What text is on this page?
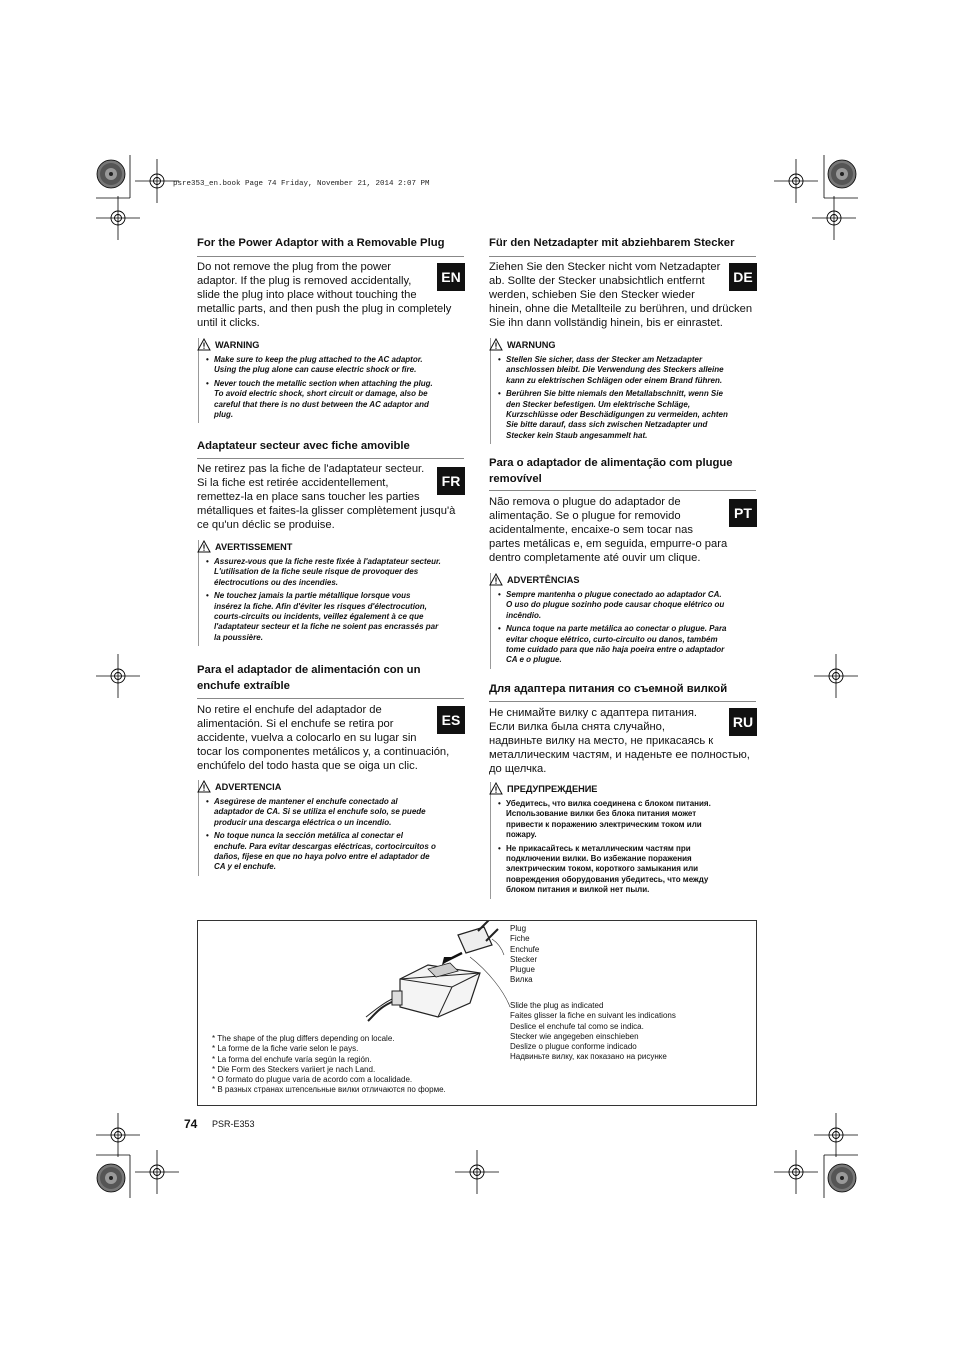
psre353_en.book Page 74 Friday, November 21, 2014 2:07 PM
For the Power Adaptor with a Removable Plug
Do not remove the plug from the power
adaptor. If the plug is removed accidentally,
slide the plug into place without touching the
metallic parts, and then push the plug in completely
until it clicks.
EN
WARNING
• Make sure to keep the plug attached to the AC adaptor.
Using the plug alone can cause electric shock or fire.
• Never touch the metallic section when attaching the plug.
To avoid electric shock, short circuit or damage, also be
careful that there is no dust between the AC adaptor and
plug.
Adaptateur secteur avec fiche amovible
Ne retirez pas la fiche de l'adaptateur secteur.
Si la fiche est retirée accidentellement,
remettez-la en place sans toucher les parties
métalliques et faites-la glisser complètement jusqu'à
ce qu'un déclic se produise.
FR
AVERTISSEMENT
• Assurez-vous que la fiche reste fixée à l'adaptateur secteur.
L'utilisation de la fiche seule risque de provoquer des
électrocutions ou des incendies.
• Ne touchez jamais la partie métallique lorsque vous
insérez la fiche. Afin d'éviter les risques d'électrocution,
courts-circuits ou incidents, veillez également à ce que
l'adaptateur secteur et la fiche ne soient pas encrassés par
la poussière.
Para el adaptador de alimentación con un
enchufe extraíble
No retire el enchufe del adaptador de
alimentación. Si el enchufe se retira por
accidente, vuelva a colocarlo en su lugar sin
tocar los componentes metálicos y, a continuación,
enchúfelo del todo hasta que se oiga un clic.
ES
ADVERTENCIA
• Asegúrese de mantener el enchufe conectado al
adaptador de CA. Si se utiliza el enchufe solo, se puede
producir una descarga eléctrica o un incendio.
• No toque nunca la sección metálica al conectar el
enchufe. Para evitar descargas eléctricas, cortocircuitos o
daños, fíjese en que no haya polvo entre el adaptador de
CA y el enchufe.
Für den Netzadapter mit abziehbarem Stecker
Ziehen Sie den Stecker nicht vom Netzadapter
ab. Sollte der Stecker unabsichtlich entfernt
werden, schieben Sie den Stecker wieder
hinein, ohne die Metallteile zu berühren, und drücken
Sie ihn dann vollständig hinein, bis er einrastet.
DE
WARNUNG
• Stellen Sie sicher, dass der Stecker am Netzadapter
anschlossen bleibt. Die Verwendung des Steckers alleine
kann zu elektrischen Schlägen oder einem Brand führen.
• Berühren Sie bitte niemals den Metallabschnitt, wenn Sie
den Stecker befestigen. Um elektrische Schläge,
Kurzschlüsse oder Beschädigungen zu vermeiden, achten
Sie bitte darauf, dass sich zwischen Netzadapter und
Stecker kein Staub angesammelt hat.
Para o adaptador de alimentação com plugue
removível
Não remova o plugue do adaptador de
alimentação. Se o plugue for removido
acidentalmente, encaixe-o sem tocar nas
partes metálicas e, em seguida, empurre-o para
dentro completamente até ouvir um clique.
PT
ADVERTÊNCIAS
• Sempre mantenha o plugue conectado ao adaptador CA.
O uso do plugue sozinho pode causar choque elétrico ou
incêndio.
• Nunca toque na parte metálica ao conectar o plugue. Para
evitar choque elétrico, curto-circuito ou danos, também
tome cuidado para que não haja poeira entre o adaptador
CA e o plugue.
Для адаптера питания со съемной вилкой
Не снимайте вилку с адаптера питания.
Если вилка была снята случайно,
надвиньте вилку на место, не прикасаясь к
металлическим частям, и наденьте ее полностью,
до щелчка.
RU
ПРЕДУПРЕЖДЕНИЕ
• Убедитесь, что вилка соединена с блоком питания.
Использование вилки без блока питания может
привести к поражению электрическим током или
пожару.
• Не прикасайтесь к металлическим частям при
подключении вилки. Во избежание поражения
электрическим током, короткого замыкания или
повреждения оборудования убедитесь, что между
блоком питания и вилкой нет пыли.
Plug
Fiche
Enchufe
Stecker
Plugue
Вилка
Slide the plug as indicated
Faites glisser la fiche en suivant les indications
Deslice el enchufe tal como se indica.
Stecker wie angegeben einschieben
Deslize o plugue conforme indicado
Надвиньте вилку, как показано на рисунке
* The shape of the plug differs depending on locale.
* La forme de la fiche varie selon le pays.
* La forma del enchufe varía según la región.
* Die Form des Steckers variiert je nach Land.
* O formato do plugue varia de acordo com a localidade.
* В разных странах штепсельные вилки отличаются по форме.
74 PSR-E353
